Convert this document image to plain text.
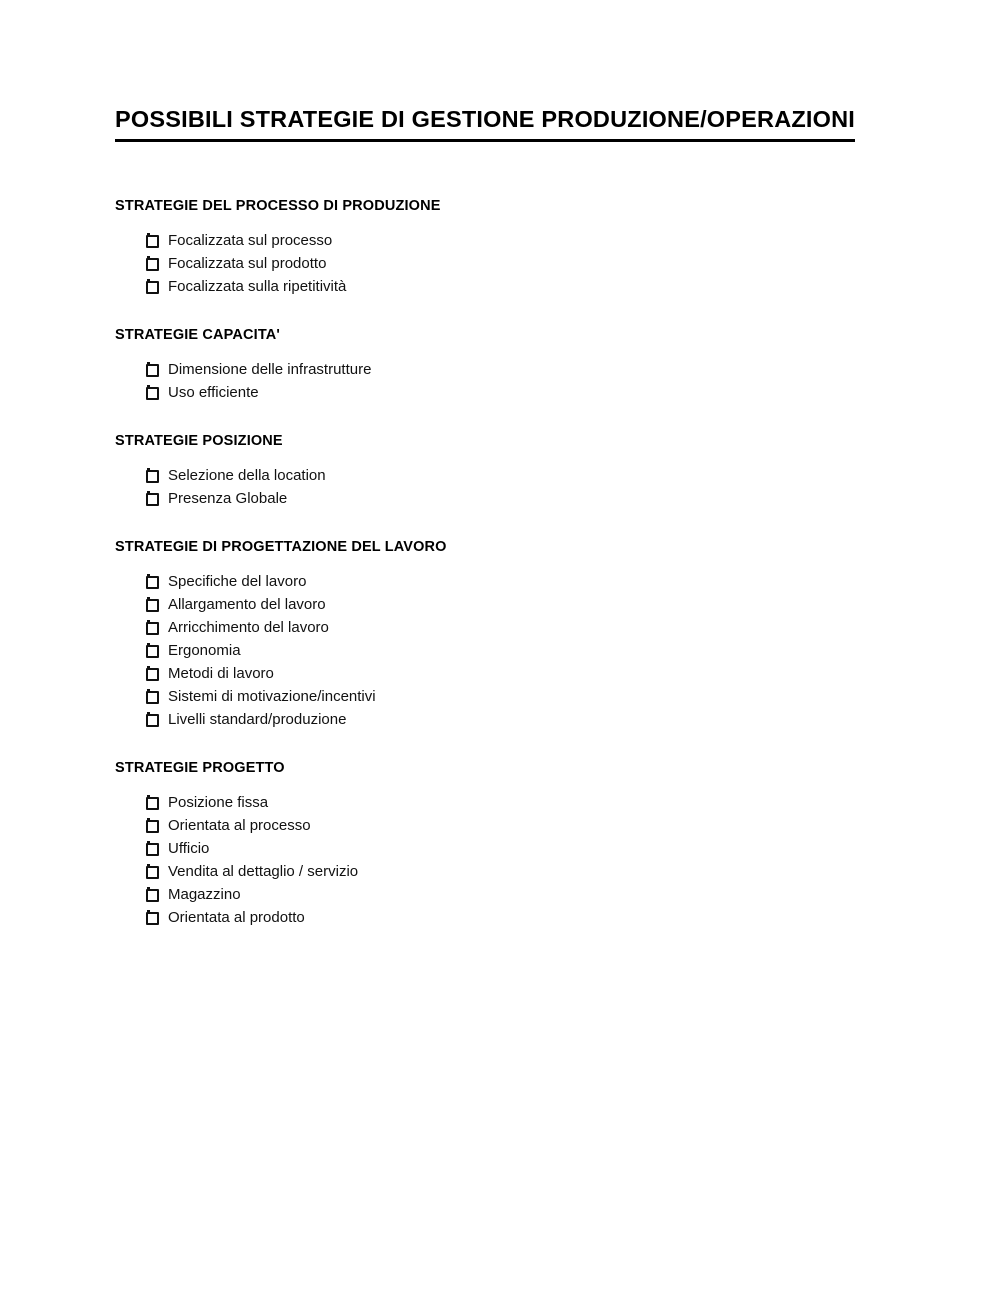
POSSIBILI STRATEGIE DI GESTIONE PRODUZIONE/OPERAZIONI
STRATEGIE DEL PROCESSO DI PRODUZIONE
Focalizzata sul processo
Focalizzata sul prodotto
Focalizzata sulla ripetitività
STRATEGIE CAPACITA'
Dimensione delle infrastrutture
Uso efficiente
STRATEGIE POSIZIONE
Selezione della location
Presenza Globale
STRATEGIE DI PROGETTAZIONE DEL LAVORO
Specifiche del lavoro
Allargamento del lavoro
Arricchimento del lavoro
Ergonomia
Metodi di lavoro
Sistemi di motivazione/incentivi
Livelli standard/produzione
STRATEGIE PROGETTO
Posizione fissa
Orientata al processo
Ufficio
Vendita al dettaglio / servizio
Magazzino
Orientata al prodotto
